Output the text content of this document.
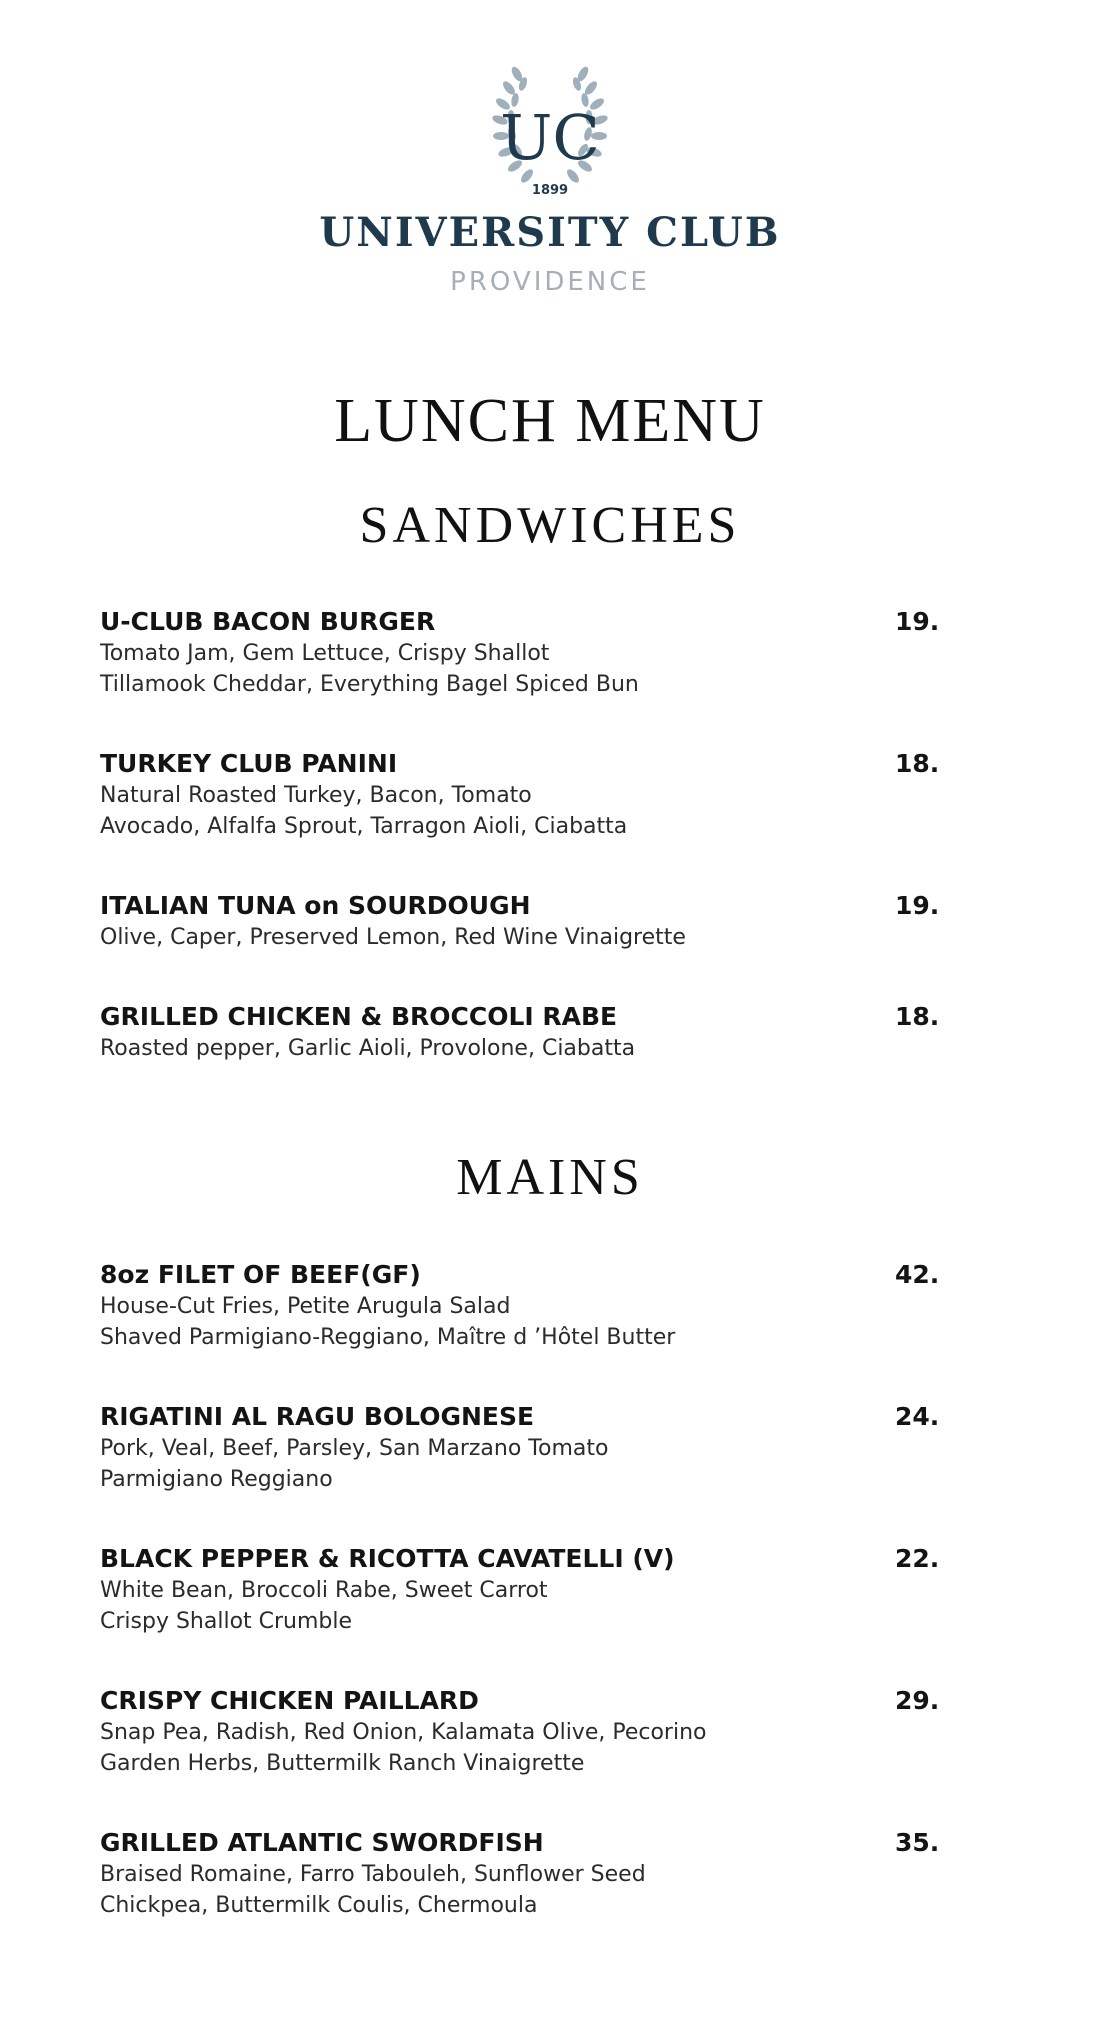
UC
1899
UNIVERSITY CLUB
PROVIDENCE
LUNCH MENU
SANDWICHES
U-CLUB BACON BURGER
Tomato Jam, Gem Lettuce, Crispy Shallot
Tillamook Cheddar, Everything Bagel Spiced Bun
19.
TURKEY CLUB PANINI
Natural Roasted Turkey, Bacon, Tomato
Avocado, Alfalfa Sprout, Tarragon Aioli, Ciabatta
18.
ITALIAN TUNA on SOURDOUGH
Olive, Caper, Preserved Lemon, Red Wine Vinaigrette
19.
GRILLED CHICKEN & BROCCOLI RABE
Roasted pepper, Garlic Aioli, Provolone, Ciabatta
18.
MAINS
8oz FILET OF BEEF(GF)
House-Cut Fries, Petite Arugula Salad
Shaved Parmigiano-Reggiano, Maître d ’Hôtel Butter
42.
RIGATINI AL RAGU BOLOGNESE
Pork, Veal, Beef, Parsley, San Marzano Tomato
Parmigiano Reggiano
24.
BLACK PEPPER & RICOTTA CAVATELLI (V)
White Bean, Broccoli Rabe, Sweet Carrot
Crispy Shallot Crumble
22.
CRISPY CHICKEN PAILLARD
Snap Pea, Radish, Red Onion, Kalamata Olive, Pecorino
Garden Herbs, Buttermilk Ranch Vinaigrette
29.
GRILLED ATLANTIC SWORDFISH
Braised Romaine, Farro Tabouleh, Sunflower Seed
Chickpea, Buttermilk Coulis, Chermoula
35.
